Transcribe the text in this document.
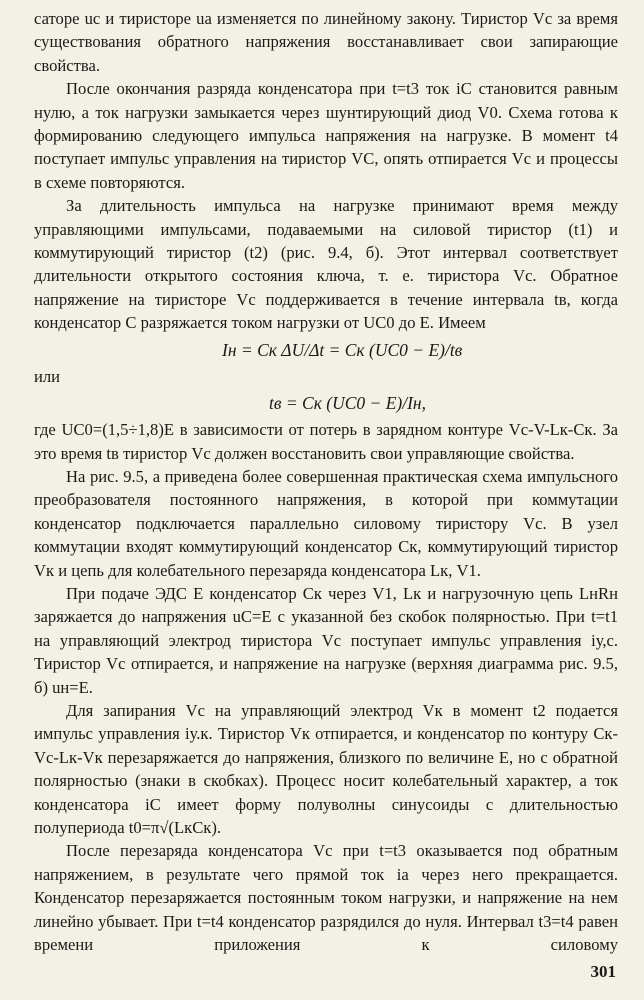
саторе uс и тиристоре uа изменяется по линейному закону. Тиристор Vс за время существования обратного напряжения восстанавливает свои запирающие свойства.

После окончания разряда конденсатора при t=t3 ток iС становится равным нулю, а ток нагрузки замыкается через шунтирующий диод V0. Схема готова к формированию следующего импульса напряжения на нагрузке. В момент t4 поступает импульс управления на тиристор VC, опять отпирается Vс и процессы в схеме повторяются.

За длительность импульса на нагрузке принимают время между управляющими импульсами, подаваемыми на силовой тиристор (t1) и коммутирующий тиристор (t2) (рис. 9.4, б). Этот интервал соответствует длительности открытого состояния ключа, т. е. тиристора Vс. Обратное напряжение на тиристоре Vс поддерживается в течение интервала tв, когда конденсатор С разряжается током нагрузки от UС0 до Е. Имеем

Iн = Cк ΔU/Δt = Cк (UС0 − E)/tв

или

tв = Cк (UС0 − E)/Iн,

где UС0=(1,5÷1,8)E в зависимости от потерь в зарядном контуре Vс-V-Lк-Cк. За это время tв тиристор Vс должен восстановить свои управляющие свойства.

На рис. 9.5, а приведена более совершенная практическая схема импульсного преобразователя постоянного напряжения, в которой при коммутации конденсатор подключается параллельно силовому тиристору Vс. В узел коммутации входят коммутирующий конденсатор Cк, коммутирующий тиристор Vк и цепь для колебательного перезаряда конденсатора Lк, V1.

При подаче ЭДС Е конденсатор Cк через V1, Lк и нагрузочную цепь LнRн заряжается до напряжения uС=E с указанной без скобок полярностью. При t=t1 на управляющий электрод тиристора Vс поступает импульс управления iу,с. Тиристор Vс отпирается, и напряжение на нагрузке (верхняя диаграмма рис. 9.5, б) uн=E.

Для запирания Vс на управляющий электрод Vк в момент t2 подается импульс управления iу.к. Тиристор Vк отпирается, и конденсатор по контуру Cк-Vс-Lк-Vк перезаряжается до напряжения, близкого по величине Е, но с обратной полярностью (знаки в скобках). Процесс носит колебательный характер, а ток конденсатора iС имеет форму полуволны синусоиды с длительностью полупериода t0=π√(LкCк).

После перезаряда конденсатора Vс при t=t3 оказывается под обратным напряжением, в результате чего прямой ток iа через него прекращается. Конденсатор перезаряжается постоянным током нагрузки, и напряжение на нем линейно убывает. При t=t4 конденсатор разрядился до нуля. Интервал t3=t4 равен времени приложения к силовому

301
